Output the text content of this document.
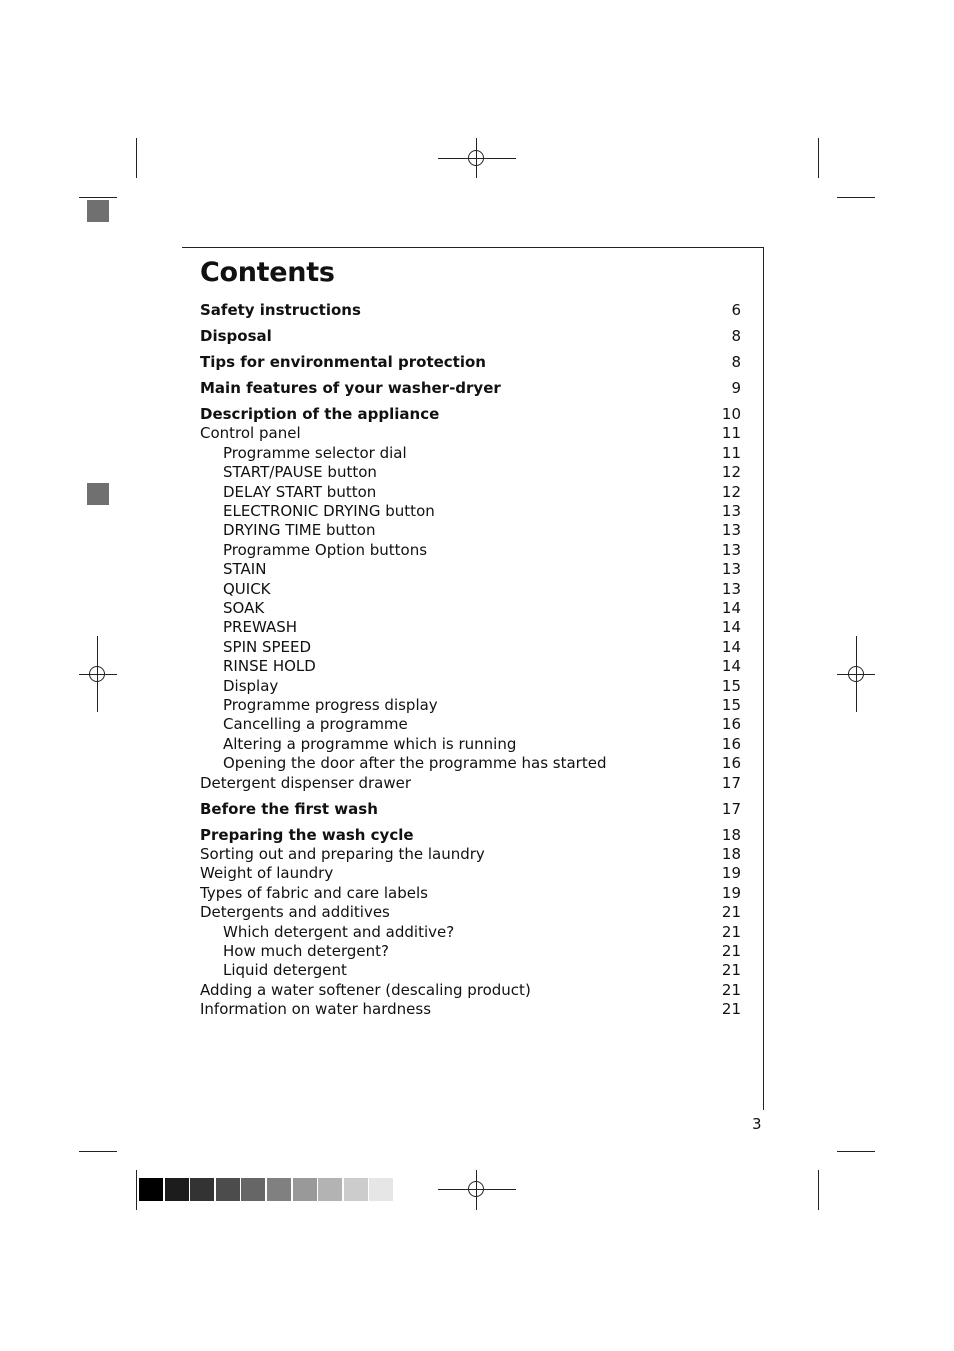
Contents
Safety instructions	6
Disposal	8
Tips for environmental protection	8
Main features of your washer-dryer	9
Description of the appliance	10
Control panel	11
Programme selector dial	11
START/PAUSE button	12
DELAY START button	12
ELECTRONIC DRYING button	13
DRYING TIME button	13
Programme Option buttons	13
STAIN	13
QUICK	13
SOAK	14
PREWASH	14
SPIN SPEED	14
RINSE HOLD	14
Display	15
Programme progress display	15
Cancelling a programme	16
Altering a programme which is running	16
Opening the door after the programme has started	16
Detergent dispenser drawer	17
Before the first wash	17
Preparing the wash cycle	18
Sorting out and preparing the laundry	18
Weight of laundry	19
Types of fabric and care labels	19
Detergents and additives	21
Which detergent and additive?	21
How much detergent?	21
Liquid detergent	21
Adding a water softener (descaling product)	21
Information on water hardness	21
3
